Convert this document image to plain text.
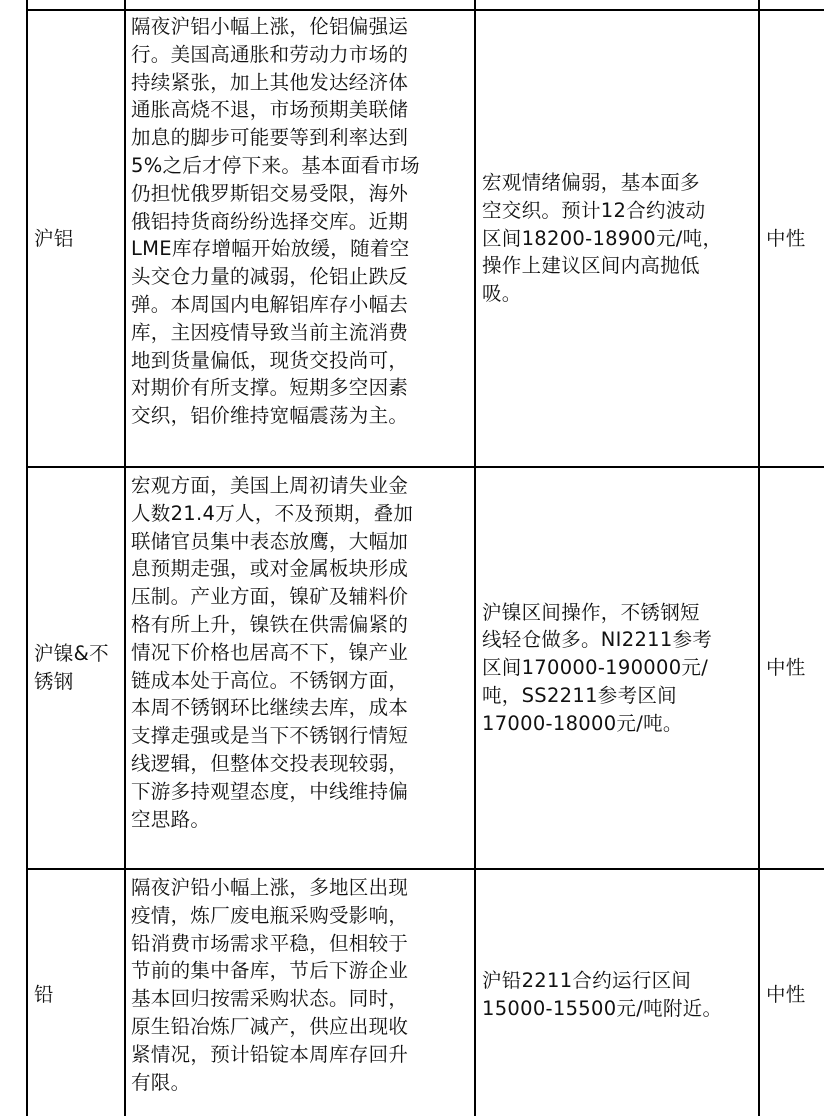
沪铝
隔夜沪铝小幅上涨，伦铝偏强运
行。美国高通胀和劳动力市场的
持续紧张，加上其他发达经济体
通胀高烧不退，市场预期美联储
加息的脚步可能要等到利率达到
5%之后才停下来。基本面看市场
仍担忧俄罗斯铝交易受限，海外
俄铝持货商纷纷选择交库。近期
LME库存增幅开始放缓，随着空
头交仓力量的减弱，伦铝止跌反
弹。本周国内电解铝库存小幅去
库，主因疫情导致当前主流消费
地到货量偏低，现货交投尚可，
对期价有所支撑。短期多空因素
交织，铝价维持宽幅震荡为主。
宏观情绪偏弱，基本面多
空交织。预计12合约波动
区间18200-18900元/吨，
操作上建议区间内高抛低
吸。
中性
沪镍&不
锈钢
宏观方面，美国上周初请失业金
人数21.4万人，不及预期，叠加
联储官员集中表态放鹰，大幅加
息预期走强，或对金属板块形成
压制。产业方面，镍矿及辅料价
格有所上升，镍铁在供需偏紧的
情况下价格也居高不下，镍产业
链成本处于高位。不锈钢方面，
本周不锈钢环比继续去库，成本
支撑走强或是当下不锈钢行情短
线逻辑，但整体交投表现较弱，
下游多持观望态度，中线维持偏
空思路。
沪镍区间操作，不锈钢短
线轻仓做多。NI2211参考
区间170000-190000元/
吨，SS2211参考区间
17000-18000元/吨。
中性
铅
隔夜沪铅小幅上涨，多地区出现
疫情，炼厂废电瓶采购受影响，
铅消费市场需求平稳，但相较于
节前的集中备库，节后下游企业
基本回归按需采购状态。同时，
原生铅冶炼厂减产，供应出现收
紧情况，预计铅锭本周库存回升
有限。
沪铅2211合约运行区间
15000-15500元/吨附近。
中性
